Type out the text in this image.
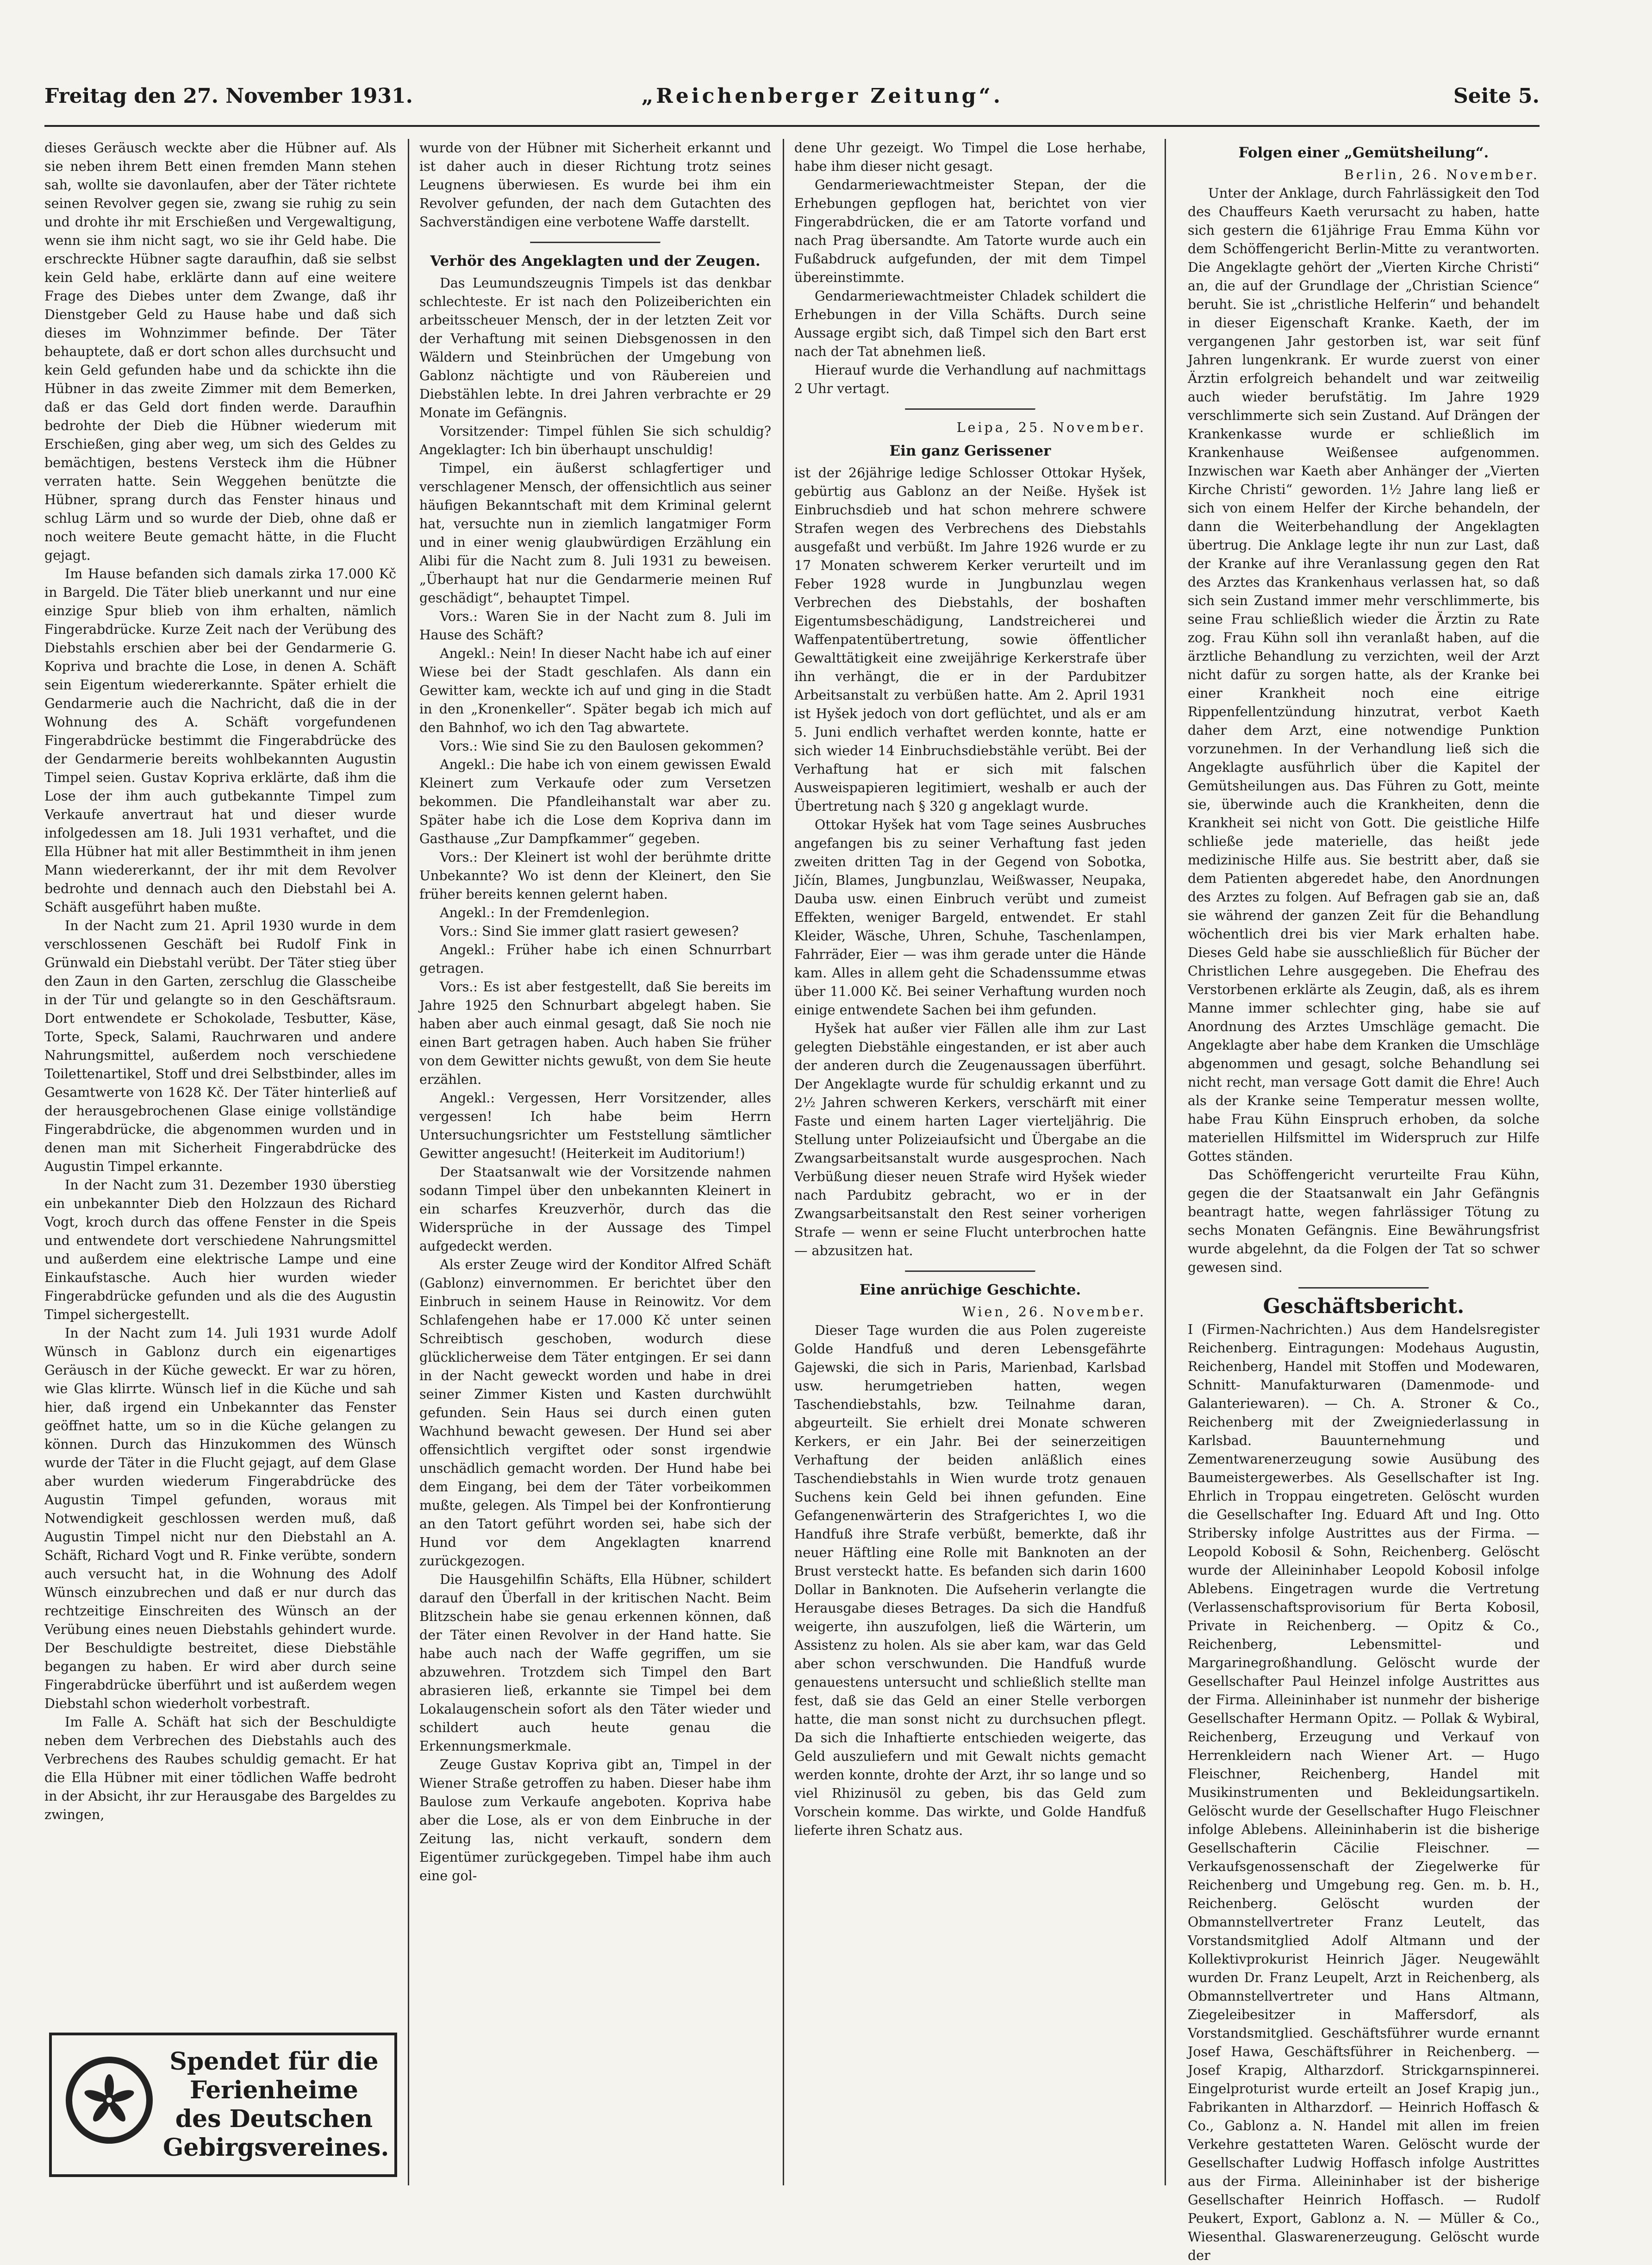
Freitag den 27. November 1931.	„Reichenberger Zeitung“.	Seite 5.

dieses Geräusch weckte aber die Hübner auf. Als sie neben ihrem Bett einen fremden Mann stehen sah, wollte sie davonlaufen, aber der Täter richtete seinen Revolver gegen sie, zwang sie ruhig zu sein und drohte ihr mit Erschießen und Vergewaltigung, wenn sie ihm nicht sagt, wo sie ihr Geld habe. Die erschreckte Hübner sagte daraufhin, daß sie selbst kein Geld habe, erklärte dann auf eine weitere Frage des Diebes unter dem Zwange, daß ihr Dienstgeber Geld zu Hause habe und daß sich dieses im Wohnzimmer befinde. Der Täter behauptete, daß er dort schon alles durchsucht und kein Geld gefunden habe und da schickte ihn die Hübner in das zweite Zimmer mit dem Bemerken, daß er das Geld dort finden werde. Daraufhin bedrohte der Dieb die Hübner wiederum mit Erschießen, ging aber weg, um sich des Geldes zu bemächtigen, bestens Versteck ihm die Hübner verraten hatte. Sein Weggehen benützte die Hübner, sprang durch das Fenster hinaus und schlug Lärm und so wurde der Dieb, ohne daß er noch weitere Beute gemacht hätte, in die Flucht gejagt.

Im Hause befanden sich damals zirka 17.000 Kč in Bargeld. Die Täter blieb unerkannt und nur eine einzige Spur blieb von ihm erhalten, nämlich Fingerabdrücke. Kurze Zeit nach der Verübung des Diebstahls erschien aber bei der Gendarmerie G. Kopriva und brachte die Lose, in denen A. Schäft sein Eigentum wiedererkannte. Später erhielt die Gendarmerie auch die Nachricht, daß die in der Wohnung des A. Schäft vorgefundenen Fingerabdrücke bestimmt die Fingerabdrücke des der Gendarmerie bereits wohlbekannten Augustin Timpel seien. Gustav Kopriva erklärte, daß ihm die Lose der ihm auch gutbekannte Timpel zum Verkaufe anvertraut hat und dieser wurde infolgedessen am 18. Juli 1931 verhaftet, und die Ella Hübner hat mit aller Bestimmtheit in ihm jenen Mann wiedererkannt, der ihr mit dem Revolver bedrohte und dennach auch den Diebstahl bei A. Schäft ausgeführt haben mußte.

In der Nacht zum 21. April 1930 wurde in dem verschlossenen Geschäft bei Rudolf Fink in Grünwald ein Diebstahl verübt. Der Täter stieg über den Zaun in den Garten, zerschlug die Glasscheibe in der Tür und gelangte so in den Geschäftsraum. Dort entwendete er Schokolade, Tesbutter, Käse, Torte, Speck, Salami, Rauchrwaren und andere Nahrungsmittel, außerdem noch verschiedene Toilettenartikel, Stoff und drei Selbstbinder, alles im Gesamtwerte von 1628 Kč. Der Täter hinterließ auf der herausgebrochenen Glase einige vollständige Fingerabdrücke, die abgenommen wurden und in denen man mit Sicherheit Fingerabdrücke des Augustin Timpel erkannte.

In der Nacht zum 31. Dezember 1930 überstieg ein unbekannter Dieb den Holzzaun des Richard Vogt, kroch durch das offene Fenster in die Speis und entwendete dort verschiedene Nahrungsmittel und außerdem eine elektrische Lampe und eine Einkaufstasche. Auch hier wurden wieder Fingerabdrücke gefunden und als die des Augustin Timpel sichergestellt.

In der Nacht zum 14. Juli 1931 wurde Adolf Wünsch in Gablonz durch ein eigenartiges Geräusch in der Küche geweckt. Er war zu hören, wie Glas klirrte. Wünsch lief in die Küche und sah hier, daß irgend ein Unbekannter das Fenster geöffnet hatte, um so in die Küche gelangen zu können. Durch das Hinzukommen des Wünsch wurde der Täter in die Flucht gejagt, auf dem Glase aber wurden wiederum Fingerabdrücke des Augustin Timpel gefunden, woraus mit Notwendigkeit geschlossen werden muß, daß Augustin Timpel nicht nur den Diebstahl an A. Schäft, Richard Vogt und R. Finke verübte, sondern auch versucht hat, in die Wohnung des Adolf Wünsch einzubrechen und daß er nur durch das rechtzeitige Einschreiten des Wünsch an der Verübung eines neuen Diebstahls gehindert wurde. Der Beschuldigte bestreitet, diese Diebstähle begangen zu haben. Er wird aber durch seine Fingerabdrücke überführt und ist außerdem wegen Diebstahl schon wiederholt vorbestraft.

Im Falle A. Schäft hat sich der Beschuldigte neben dem Verbrechen des Diebstahls auch des Verbrechens des Raubes schuldig gemacht. Er hat die Ella Hübner mit einer tödlichen Waffe bedroht in der Absicht, ihr zur Herausgabe des Bargeldes zu zwingen,

Spendet für die
Ferienheime
des Deutschen
Gebirgsvereines.

wurde von der Hübner mit Sicherheit erkannt und ist daher auch in dieser Richtung trotz seines Leugnens überwiesen. Es wurde bei ihm ein Revolver gefunden, der nach dem Gutachten des Sachverständigen eine verbotene Waffe darstellt.

Verhör des Angeklagten und der Zeugen.

Das Leumundszeugnis Timpels ist das denkbar schlechteste. Er ist nach den Polizeiberichten ein arbeitsscheuer Mensch, der in der letzten Zeit vor der Verhaftung mit seinen Diebsgenossen in den Wäldern und Steinbrüchen der Umgebung von Gablonz nächtigte und von Räubereien und Diebstählen lebte. In drei Jahren verbrachte er 29 Monate im Gefängnis.

Vorsitzender: Timpel fühlen Sie sich schuldig? Angeklagter: Ich bin überhaupt unschuldig!

Timpel, ein äußerst schlagfertiger und verschlagener Mensch, der offensichtlich aus seiner häufigen Bekanntschaft mit dem Kriminal gelernt hat, versuchte nun in ziemlich langatmiger Form und in einer wenig glaubwürdigen Erzählung ein Alibi für die Nacht zum 8. Juli 1931 zu beweisen. „Überhaupt hat nur die Gendarmerie meinen Ruf geschädigt“, behauptet Timpel.

Vors.: Waren Sie in der Nacht zum 8. Juli im Hause des Schäft?

Angekl.: Nein! In dieser Nacht habe ich auf einer Wiese bei der Stadt geschlafen. Als dann ein Gewitter kam, weckte ich auf und ging in die Stadt in den „Kronenkeller“. Später begab ich mich auf den Bahnhof, wo ich den Tag abwartete.

Vors.: Wie sind Sie zu den Baulosen gekommen?

Angekl.: Die habe ich von einem gewissen Ewald Kleinert zum Verkaufe oder zum Versetzen bekommen. Die Pfandleihanstalt war aber zu. Später habe ich die Lose dem Kopriva dann im Gasthause „Zur Dampfkammer“ gegeben.

Vors.: Der Kleinert ist wohl der berühmte dritte Unbekannte? Wo ist denn der Kleinert, den Sie früher bereits kennen gelernt haben.

Angekl.: In der Fremdenlegion.

Vors.: Sind Sie immer glatt rasiert gewesen?

Angekl.: Früher habe ich einen Schnurrbart getragen.

Vors.: Es ist aber festgestellt, daß Sie bereits im Jahre 1925 den Schnurbart abgelegt haben. Sie haben aber auch einmal gesagt, daß Sie noch nie einen Bart getragen haben. Auch haben Sie früher von dem Gewitter nichts gewußt, von dem Sie heute erzählen.

Angekl.: Vergessen, Herr Vorsitzender, alles vergessen! Ich habe beim Herrn Untersuchungsrichter um Feststellung sämtlicher Gewitter angesucht! (Heiterkeit im Auditorium!)

Der Staatsanwalt wie der Vorsitzende nahmen sodann Timpel über den unbekannten Kleinert in ein scharfes Kreuzverhör, durch das die Widersprüche in der Aussage des Timpel aufgedeckt werden.

Als erster Zeuge wird der Konditor Alfred Schäft (Gablonz) einvernommen. Er berichtet über den Einbruch in seinem Hause in Reinowitz. Vor dem Schlafengehen habe er 17.000 Kč unter seinen Schreibtisch geschoben, wodurch diese glücklicherweise dem Täter entgingen. Er sei dann in der Nacht geweckt worden und habe in drei seiner Zimmer Kisten und Kasten durchwühlt gefunden. Sein Haus sei durch einen guten Wachhund bewacht gewesen. Der Hund sei aber offensichtlich vergiftet oder sonst irgendwie unschädlich gemacht worden. Der Hund habe bei dem Eingang, bei dem der Täter vorbeikommen mußte, gelegen. Als Timpel bei der Konfrontierung an den Tatort geführt worden sei, habe sich der Hund vor dem Angeklagten knarrend zurückgezogen.

Die Hausgehilfin Schäfts, Ella Hübner, schildert darauf den Überfall in der kritischen Nacht. Beim Blitzschein habe sie genau erkennen können, daß der Täter einen Revolver in der Hand hatte. Sie habe auch nach der Waffe gegriffen, um sie abzuwehren. Trotzdem sich Timpel den Bart abrasieren ließ, erkannte sie Timpel bei dem Lokalaugenschein sofort als den Täter wieder und schildert auch heute genau die Erkennungsmerkmale.

Zeuge Gustav Kopriva gibt an, Timpel in der Wiener Straße getroffen zu haben. Dieser habe ihm Baulose zum Verkaufe angeboten. Kopriva habe aber die Lose, als er von dem Einbruche in der Zeitung las, nicht verkauft, sondern dem Eigentümer zurückgegeben. Timpel habe ihm auch eine gol-

dene Uhr gezeigt. Wo Timpel die Lose herhabe, habe ihm dieser nicht gesagt.

Gendarmeriewachtmeister Stepan, der die Erhebungen gepflogen hat, berichtet von vier Fingerabdrücken, die er am Tatorte vorfand und nach Prag übersandte. Am Tatorte wurde auch ein Fußabdruck aufgefunden, der mit dem Timpel übereinstimmte.

Gendarmeriewachtmeister Chladek schildert die Erhebungen in der Villa Schäfts. Durch seine Aussage ergibt sich, daß Timpel sich den Bart erst nach der Tat abnehmen ließ.

Hierauf wurde die Verhandlung auf nachmittags 2 Uhr vertagt.

Leipa, 25. November.

Ein ganz Gerissener

ist der 26jährige ledige Schlosser Ottokar Hyšek, gebürtig aus Gablonz an der Neiße. Hyšek ist Einbruchsdieb und hat schon mehrere schwere Strafen wegen des Verbrechens des Diebstahls ausgefaßt und verbüßt. Im Jahre 1926 wurde er zu 17 Monaten schwerem Kerker verurteilt und im Feber 1928 wurde in Jungbunzlau wegen Verbrechen des Diebstahls, der boshaften Eigentumsbeschädigung, Landstreicherei und Waffenpatentübertretung, sowie öffentlicher Gewalttätigkeit eine zweijährige Kerkerstrafe über ihn verhängt, die er in der Pardubitzer Arbeitsanstalt zu verbüßen hatte. Am 2. April 1931 ist Hyšek jedoch von dort geflüchtet, und als er am 5. Juni endlich verhaftet werden konnte, hatte er sich wieder 14 Einbruchsdiebstähle verübt. Bei der Verhaftung hat er sich mit falschen Ausweispapieren legitimiert, weshalb er auch der Übertretung nach § 320 g angeklagt wurde.

Ottokar Hyšek hat vom Tage seines Ausbruches angefangen bis zu seiner Verhaftung fast jeden zweiten dritten Tag in der Gegend von Sobotka, Jičín, Blames, Jungbunzlau, Weißwasser, Neupaka, Dauba usw. einen Einbruch verübt und zumeist Effekten, weniger Bargeld, entwendet. Er stahl Kleider, Wäsche, Uhren, Schuhe, Taschenlampen, Fahrräder, Eier — was ihm gerade unter die Hände kam. Alles in allem geht die Schadenssumme etwas über 11.000 Kč. Bei seiner Verhaftung wurden noch einige entwendete Sachen bei ihm gefunden.

Hyšek hat außer vier Fällen alle ihm zur Last gelegten Diebstähle eingestanden, er ist aber auch der anderen durch die Zeugenaussagen überführt. Der Angeklagte wurde für schuldig erkannt und zu 2½ Jahren schweren Kerkers, verschärft mit einer Faste und einem harten Lager vierteljährig. Die Stellung unter Polizeiaufsicht und Übergabe an die Zwangsarbeitsanstalt wurde ausgesprochen. Nach Verbüßung dieser neuen Strafe wird Hyšek wieder nach Pardubitz gebracht, wo er in der Zwangsarbeitsanstalt den Rest seiner vorherigen Strafe — wenn er seine Flucht unterbrochen hatte — abzusitzen hat.

Eine anrüchige Geschichte.

Wien, 26. November.

Dieser Tage wurden die aus Polen zugereiste Golde Handfuß und deren Lebensgefährte Gajewski, die sich in Paris, Marienbad, Karlsbad usw. herumgetrieben hatten, wegen Taschendiebstahls, bzw. Teilnahme daran, abgeurteilt. Sie erhielt drei Monate schweren Kerkers, er ein Jahr. Bei der seinerzeitigen Verhaftung der beiden anläßlich eines Taschendiebstahls in Wien wurde trotz genauen Suchens kein Geld bei ihnen gefunden. Eine Gefangenenwärterin des Strafgerichtes I, wo die Handfuß ihre Strafe verbüßt, bemerkte, daß ihr neuer Häftling eine Rolle mit Banknoten an der Brust versteckt hatte. Es befanden sich darin 1600 Dollar in Banknoten. Die Aufseherin verlangte die Herausgabe dieses Betrages. Da sich die Handfuß weigerte, ihn auszufolgen, ließ die Wärterin, um Assistenz zu holen. Als sie aber kam, war das Geld aber schon verschwunden. Die Handfuß wurde genauestens untersucht und schließlich stellte man fest, daß sie das Geld an einer Stelle verborgen hatte, die man sonst nicht zu durchsuchen pflegt. Da sich die Inhaftierte entschieden weigerte, das Geld auszuliefern und mit Gewalt nichts gemacht werden konnte, drohte der Arzt, ihr so lange und so viel Rhizinusöl zu geben, bis das Geld zum Vorschein komme. Das wirkte, und Golde Handfuß lieferte ihren Schatz aus.

Folgen einer „Gemütsheilung“.

Berlin, 26. November.

Unter der Anklage, durch Fahrlässigkeit den Tod des Chauffeurs Kaeth verursacht zu haben, hatte sich gestern die 61jährige Frau Emma Kühn vor dem Schöffengericht Berlin-Mitte zu verantworten. Die Angeklagte gehört der „Vierten Kirche Christi“ an, die auf der Grundlage der „Christian Science“ beruht. Sie ist „christliche Helferin“ und behandelt in dieser Eigenschaft Kranke. Kaeth, der im vergangenen Jahr gestorben ist, war seit fünf Jahren lungenkrank. Er wurde zuerst von einer Ärztin erfolgreich behandelt und war zeitweilig auch wieder berufstätig. Im Jahre 1929 verschlimmerte sich sein Zustand. Auf Drängen der Krankenkasse wurde er schließlich im Krankenhause Weißensee aufgenommen. Inzwischen war Kaeth aber Anhänger der „Vierten Kirche Christi“ geworden. 1½ Jahre lang ließ er sich von einem Helfer der Kirche behandeln, der dann die Weiterbehandlung der Angeklagten übertrug. Die Anklage legte ihr nun zur Last, daß der Kranke auf ihre Veranlassung gegen den Rat des Arztes das Krankenhaus verlassen hat, so daß sich sein Zustand immer mehr verschlimmerte, bis seine Frau schließlich wieder die Ärztin zu Rate zog. Frau Kühn soll ihn veranlaßt haben, auf die ärztliche Behandlung zu verzichten, weil der Arzt nicht dafür zu sorgen hatte, als der Kranke bei einer Krankheit noch eine eitrige Rippenfellentzündung hinzutrat, verbot Kaeth daher dem Arzt, eine notwendige Punktion vorzunehmen. In der Verhandlung ließ sich die Angeklagte ausführlich über die Kapitel der Gemütsheilungen aus. Das Führen zu Gott, meinte sie, überwinde auch die Krankheiten, denn die Krankheit sei nicht von Gott. Die geistliche Hilfe schließe jede materielle, das heißt jede medizinische Hilfe aus. Sie bestritt aber, daß sie dem Patienten abgeredet habe, den Anordnungen des Arztes zu folgen. Auf Befragen gab sie an, daß sie während der ganzen Zeit für die Behandlung wöchentlich drei bis vier Mark erhalten habe. Dieses Geld habe sie ausschließlich für Bücher der Christlichen Lehre ausgegeben. Die Ehefrau des Verstorbenen erklärte als Zeugin, daß, als es ihrem Manne immer schlechter ging, habe sie auf Anordnung des Arztes Umschläge gemacht. Die Angeklagte aber habe dem Kranken die Umschläge abgenommen und gesagt, solche Behandlung sei nicht recht, man versage Gott damit die Ehre! Auch als der Kranke seine Temperatur messen wollte, habe Frau Kühn Einspruch erhoben, da solche materiellen Hilfsmittel im Widerspruch zur Hilfe Gottes ständen.

Das Schöffengericht verurteilte Frau Kühn, gegen die der Staatsanwalt ein Jahr Gefängnis beantragt hatte, wegen fahrlässiger Tötung zu sechs Monaten Gefängnis. Eine Bewährungsfrist wurde abgelehnt, da die Folgen der Tat so schwer gewesen sind.

Geschäftsbericht.

I (Firmen-Nachrichten.) Aus dem Handelsregister Reichenberg. Eintragungen: Modehaus Augustin, Reichenberg, Handel mit Stoffen und Modewaren, Schnitt- Manufakturwaren (Damenmode- und Galanteriewaren). — Ch. A. Stroner & Co., Reichenberg mit der Zweigniederlassung in Karlsbad. Bauunternehmung und Zementwarenerzeugung sowie Ausübung des Baumeistergewerbes. Als Gesellschafter ist Ing. Ehrlich in Troppau eingetreten. Gelöscht wurden die Gesellschafter Ing. Eduard Aft und Ing. Otto Stribersky infolge Austrittes aus der Firma. — Leopold Kobosil & Sohn, Reichenberg. Gelöscht wurde der Alleininhaber Leopold Kobosil infolge Ablebens. Eingetragen wurde die Vertretung (Verlassenschaftsprovisorium für Berta Kobosil, Private in Reichenberg. — Opitz & Co., Reichenberg, Lebensmittel- und Margarinegroßhandlung. Gelöscht wurde der Gesellschafter Paul Heinzel infolge Austrittes aus der Firma. Alleininhaber ist nunmehr der bisherige Gesellschafter Hermann Opitz. — Pollak & Wybiral, Reichenberg, Erzeugung und Verkauf von Herrenkleidern nach Wiener Art. — Hugo Fleischner, Reichenberg, Handel mit Musikinstrumenten und Bekleidungsartikeln. Gelöscht wurde der Gesellschafter Hugo Fleischner infolge Ablebens. Alleininhaberin ist die bisherige Gesellschafterin Cäcilie Fleischner. — Verkaufsgenossenschaft der Ziegelwerke für Reichenberg und Umgebung reg. Gen. m. b. H., Reichenberg. Gelöscht wurden der Obmannstellvertreter Franz Leutelt, das Vorstandsmitglied Adolf Altmann und der Kollektivprokurist Heinrich Jäger. Neugewählt wurden Dr. Franz Leupelt, Arzt in Reichenberg, als Obmannstellvertreter und Hans Altmann, Ziegeleibesitzer in Maffersdorf, als Vorstandsmitglied. Geschäftsführer wurde ernannt Josef Hawa, Geschäftsführer in Reichenberg. — Josef Krapig, Altharzdorf. Strickgarnspinnerei. Eingelproturist wurde erteilt an Josef Krapig jun., Fabrikanten in Altharzdorf. — Heinrich Hoffasch & Co., Gablonz a. N. Handel mit allen im freien Verkehre gestatteten Waren. Gelöscht wurde der Gesellschafter Ludwig Hoffasch infolge Austrittes aus der Firma. Alleininhaber ist der bisherige Gesellschafter Heinrich Hoffasch. — Rudolf Peukert, Export, Gablonz a. N. — Müller & Co., Wiesenthal. Glaswarenerzeugung. Gelöscht wurde der
